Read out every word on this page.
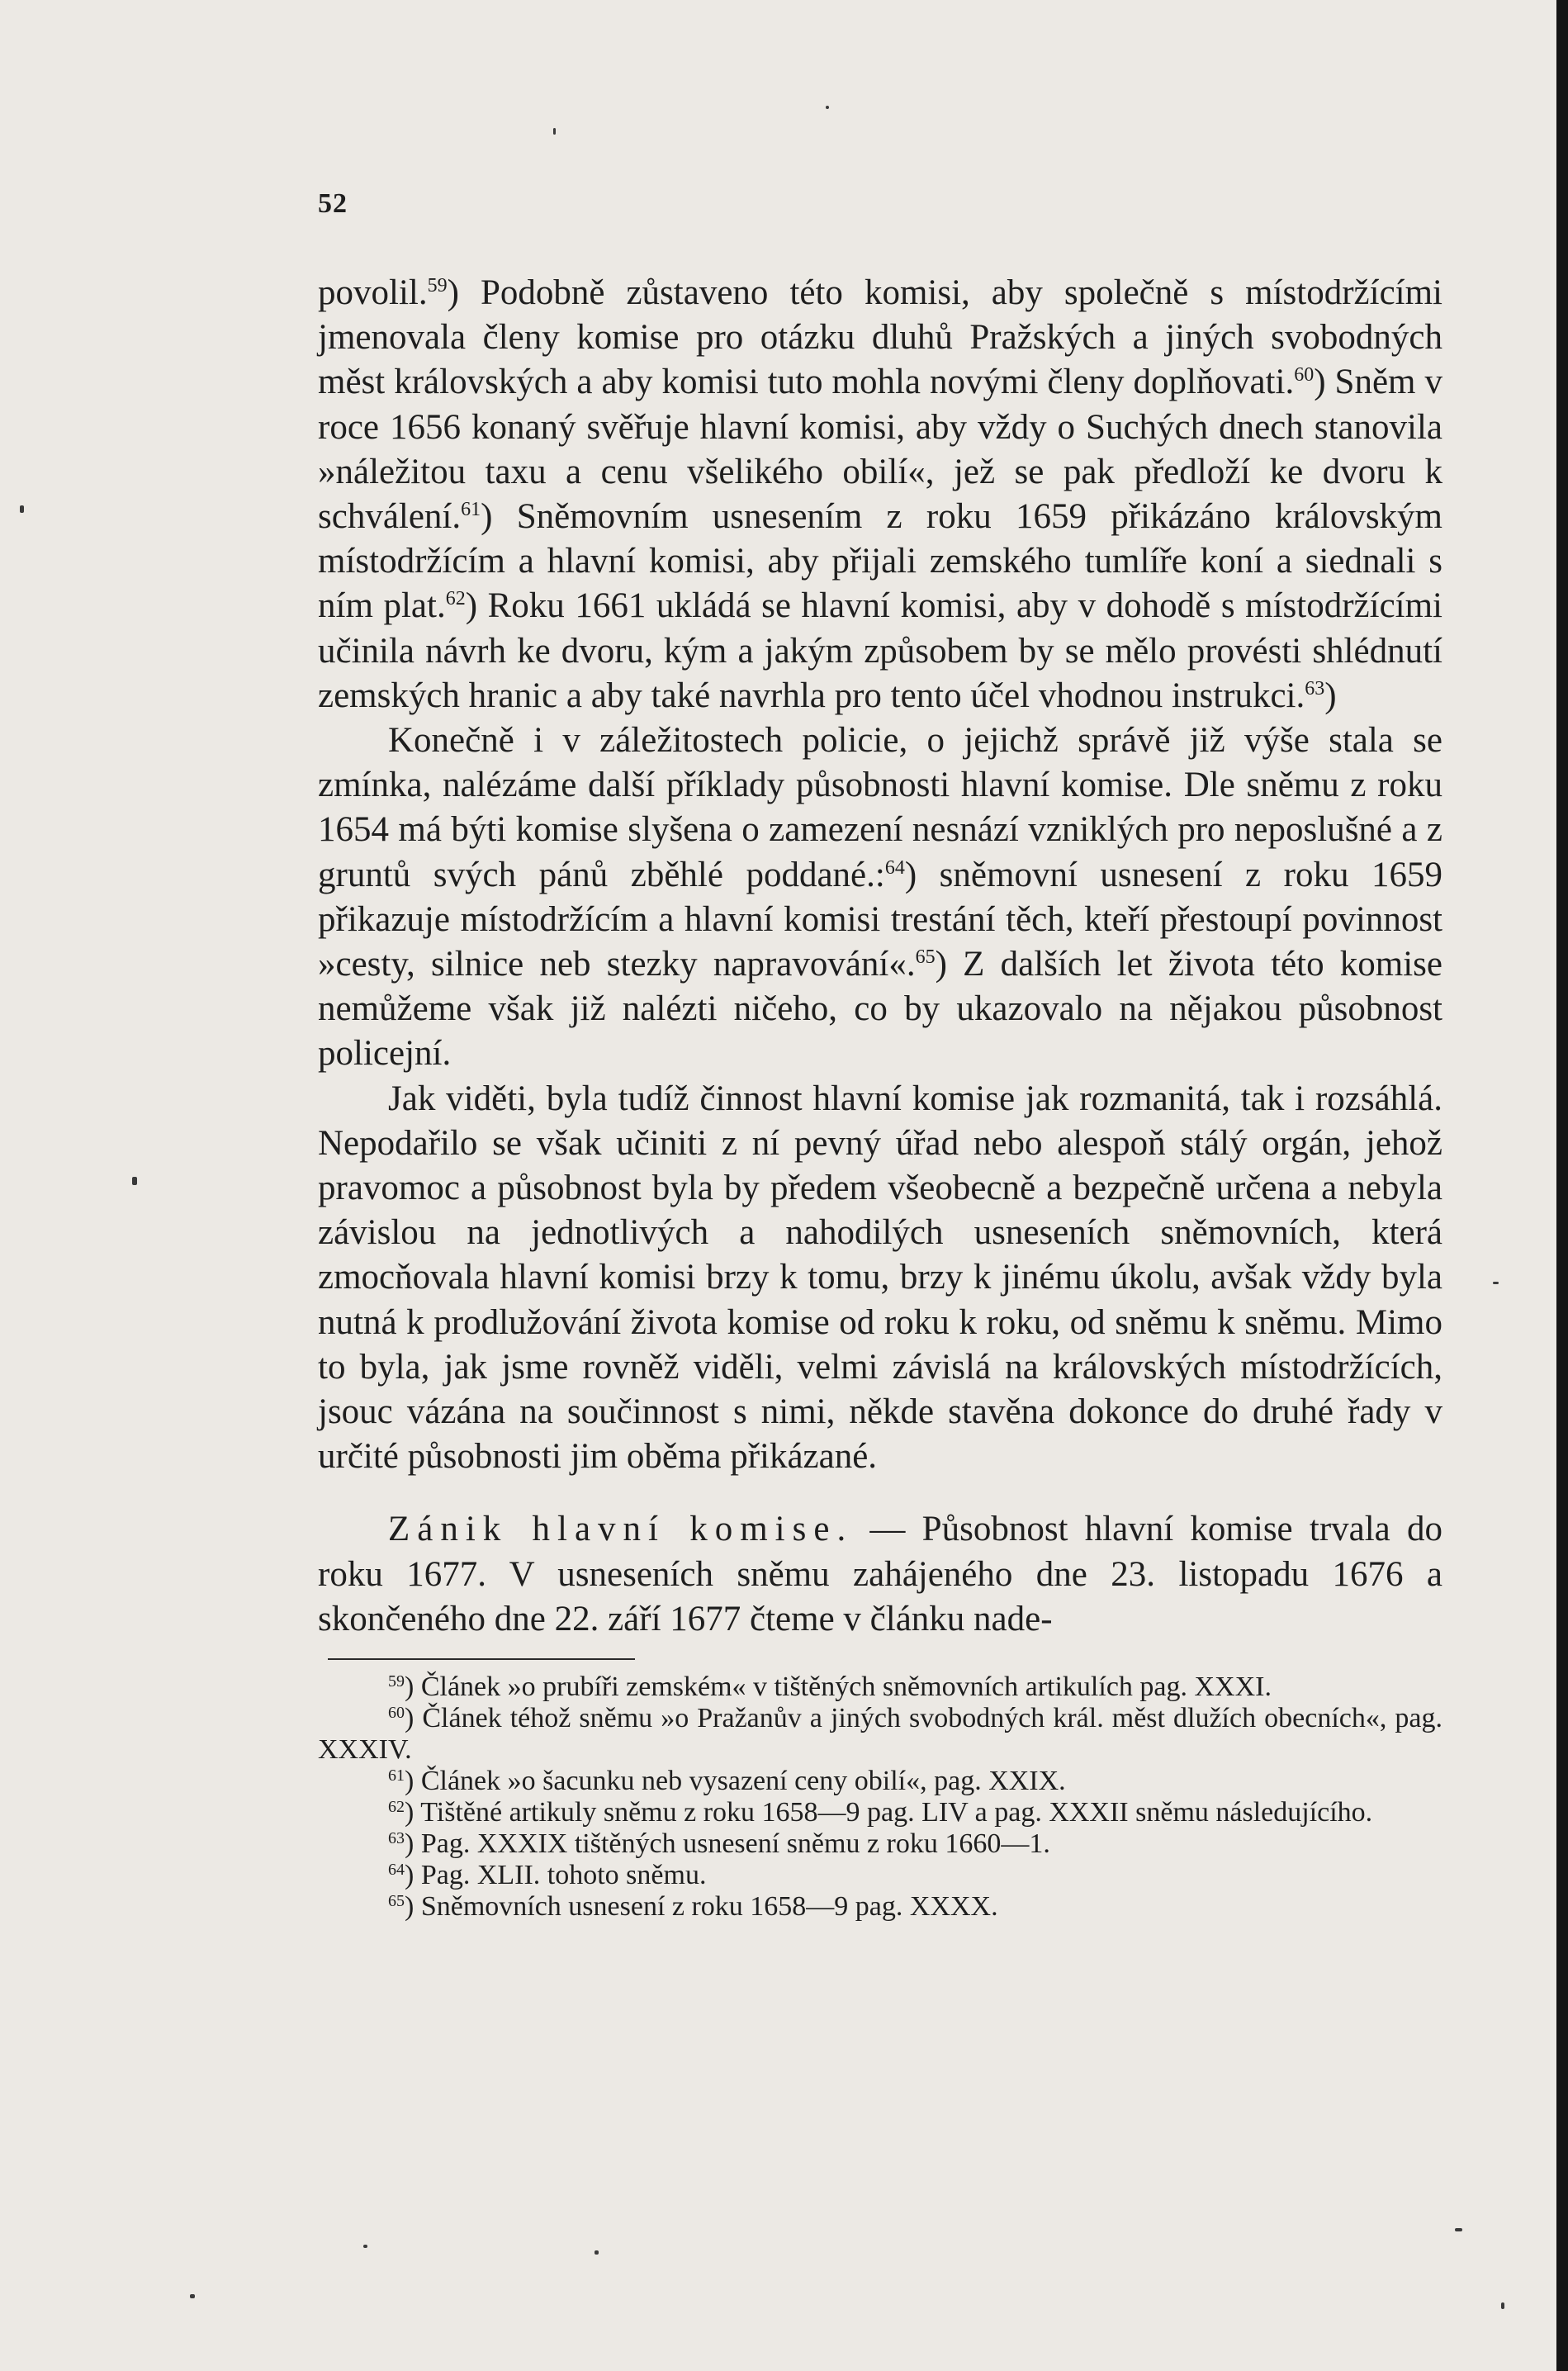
52

povolil.$^{59}$) Podobně zůstaveno této komisi, aby společně s místodržícími jmenovala členy komise pro otázku dluhů Pražských a jiných svobodných měst královských a aby komisi tuto mohla novými členy doplňovati.$^{60}$) Sněm v roce 1656 konaný svěřuje hlavní komisi, aby vždy o Suchých dnech stanovila »náležitou taxu a cenu všelikého obilí«, jež se pak předloží ke dvoru k schválení.$^{61}$) Sněmovním usnesením z roku 1659 přikázáno královským místodržícím a hlavní komisi, aby přijali zemského tumlíře koní a siednali s ním plat.$^{62}$) Roku 1661 ukládá se hlavní komisi, aby v dohodě s místodržícími učinila návrh ke dvoru, kým a jakým způsobem by se mělo provésti shlédnutí zemských hranic a aby také navrhla pro tento účel vhodnou instrukci.$^{63}$)

Konečně i v záležitostech policie, o jejichž správě již výše stala se zmínka, nalézáme další příklady působnosti hlavní komise. Dle sněmu z roku 1654 má býti komise slyšena o zamezení nesnází vzniklých pro neposlušné a z gruntů svých pánů zběhlé poddané.:$^{64}$) sněmovní usnesení z roku 1659 přikazuje místodržícím a hlavní komisi trestání těch, kteří přestoupí povinnost »cesty, silnice neb stezky napravování«.$^{65}$) Z dalších let života této komise nemůžeme však již nalézti ničeho, co by ukazovalo na nějakou působnost policejní.

Jak viděti, byla tudíž činnost hlavní komise jak rozmanitá, tak i rozsáhlá. Nepodařilo se však učiniti z ní pevný úřad nebo alespoň stálý orgán, jehož pravomoc a působnost byla by předem všeobecně a bezpečně určena a nebyla závislou na jednotlivých a nahodilých usneseních sněmovních, která zmocňovala hlavní komisi brzy k tomu, brzy k jinému úkolu, avšak vždy byla nutná k prodlužování života komise od roku k roku, od sněmu k sněmu. Mimo to byla, jak jsme rovněž viděli, velmi závislá na královských místodržících, jsouc vázána na součinnost s nimi, někde stavěna dokonce do druhé řady v určité působnosti jim oběma přikázané.

Zánik hlavní komise. — Působnost hlavní komise trvala do roku 1677. V usneseních sněmu zahájeného dne 23. listopadu 1676 a skončeného dne 22. září 1677 čteme v článku nade-

$^{59}$) Článek »o prubíři zemském« v tištěných sněmovních artikulích pag. XXXI.

$^{60}$) Článek téhož sněmu »o Pražanův a jiných svobodných král. měst dlužích obecních«, pag. XXXIV.

$^{61}$) Článek »o šacunku neb vysazení ceny obilí«, pag. XXIX.

$^{62}$) Tištěné artikuly sněmu z roku 1658—9 pag. LIV a pag. XXXII sněmu následujícího.

$^{63}$) Pag. XXXIX tištěných usnesení sněmu z roku 1660—1.

$^{64}$) Pag. XLII. tohoto sněmu.

$^{65}$) Sněmovních usnesení z roku 1658—9 pag. XXXX.
